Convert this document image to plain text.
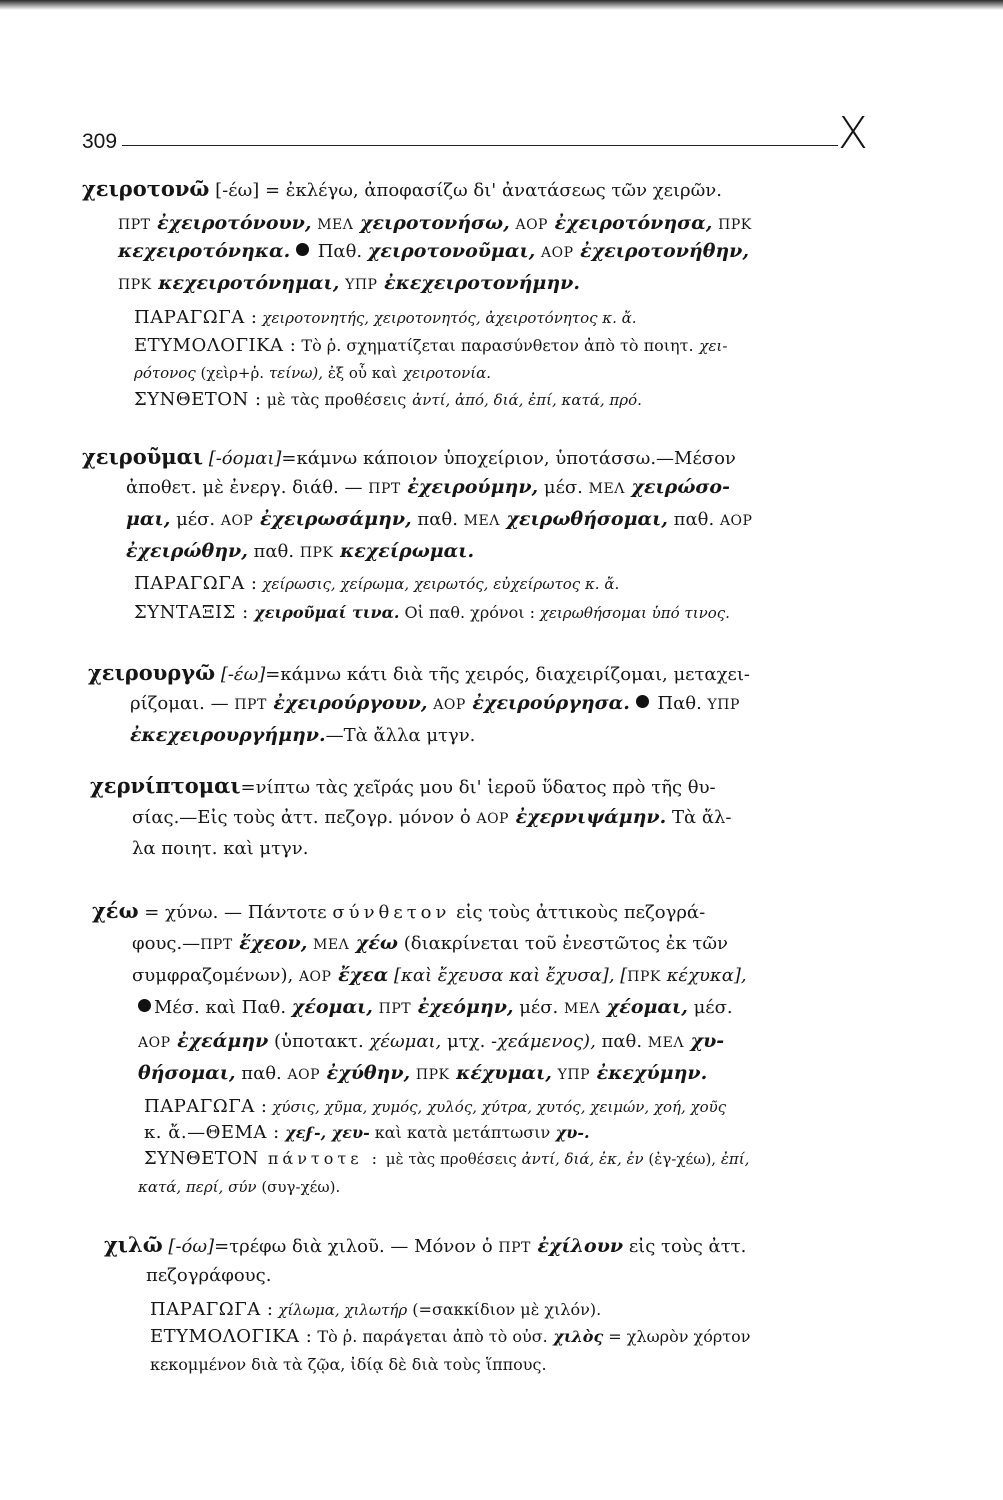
309	Χ
χειροτονῶ [-έω] = ἐκλέγω, ἀποφασίζω δι' ἀνατάσεως τῶν χειρῶν.
ΠΡΤ ἐχειροτόνουν, ΜΕΛ χειροτονήσω, ΑΟΡ ἐχειροτόνησα, ΠΡΚ
κεχειροτόνηκα.  Παθ. χειροτονοῦμαι, ΑΟΡ ἐχειροτονήθην,
ΠΡΚ κεχειροτόνημαι, ΥΠΡ ἐκεχειροτονήμην.
ΠΑΡΑΓΩΓΑ : χειροτονητής, χειροτονητός, ἀχειροτόνητος κ. ἄ.
ΕΤΥΜΟΛΟΓΙΚΑ : Τὸ ῥ. σχηματίζεται παρασύνθετον ἀπὸ τὸ ποιητ. χει-
ρότονος (χεὶρ+ῥ. τείνω), ἐξ οὗ καὶ χειροτονία.
ΣΥΝΘΕΤΟΝ : μὲ τὰς προθέσεις ἀντί, ἀπό, διά, ἐπί, κατά, πρό.
χειροῦμαι [-όομαι]=κάμνω κάποιον ὑποχείριον, ὑποτάσσω.—Μέσον
ἀποθετ. μὲ ἐνεργ. διάθ. — ΠΡΤ ἐχειρούμην, μέσ. ΜΕΛ χειρώσο-
μαι, μέσ. ΑΟΡ ἐχειρωσάμην, παθ. ΜΕΛ χειρωθήσομαι, παθ. ΑΟΡ
ἐχειρώθην, παθ. ΠΡΚ κεχείρωμαι.
ΠΑΡΑΓΩΓΑ : χείρωσις, χείρωμα, χειρωτός, εὐχείρωτος κ. ἄ.
ΣΥΝΤΑΞΙΣ : χειροῦμαί τινα. Οἱ παθ. χρόνοι : χειρωθήσομαι ὑπό τινος.
χειρουργῶ [-έω]=κάμνω κάτι διὰ τῆς χειρός, διαχειρίζομαι, μεταχει-
ρίζομαι. — ΠΡΤ ἐχειρούργουν, ΑΟΡ ἐχειρούργησα.  Παθ. ΥΠΡ
ἐκεχειρουργήμην.—Τὰ ἄλλα μτγν.
χερνίπτομαι=νίπτω τὰς χεῖράς μου δι' ἱεροῦ ὕδατος πρὸ τῆς θυ-
σίας.—Εἰς τοὺς ἀττ. πεζογρ. μόνον ὁ ΑΟΡ ἐχερνιψάμην. Τὰ ἄλ-
λα ποιητ. καὶ μτγν.
χέω = χύνω. — Πάντοτε σύνθετον εἰς τοὺς ἀττικοὺς πεζογρά-
φους.—ΠΡΤ ἔχεον, ΜΕΛ χέω (διακρίνεται τοῦ ἐνεστῶτος ἐκ τῶν
συμφραζομένων), ΑΟΡ ἔχεα [καὶ ἔχευσα καὶ ἔχυσα], [ΠΡΚ κέχυκα],
Μέσ. καὶ Παθ. χέομαι, ΠΡΤ ἐχεόμην, μέσ. ΜΕΛ χέομαι, μέσ.
ΑΟΡ ἐχεάμην (ὑποτακτ. χέωμαι, μτχ. -χεάμενος), παθ. ΜΕΛ χυ-
θήσομαι, παθ. ΑΟΡ ἐχύθην, ΠΡΚ κέχυμαι, ΥΠΡ ἐκεχύμην.
ΠΑΡΑΓΩΓΑ : χύσις, χῦμα, χυμός, χυλός, χύτρα, χυτός, χειμών, χοή, χοῦς
κ. ἄ.—ΘΕΜΑ : χεϝ-, χευ- καὶ κατὰ μετάπτωσιν χυ-.
ΣΥΝΘΕΤΟΝ πάντοτε : μὲ τὰς προθέσεις ἀντί, διά, ἐκ, ἐν (ἐγ-χέω), ἐπί,
κατά, περί, σύν (συγ-χέω).
χιλῶ [-όω]=τρέφω διὰ χιλοῦ. — Μόνον ὁ ΠΡΤ ἐχίλουν εἰς τοὺς ἀττ.
πεζογράφους.
ΠΑΡΑΓΩΓΑ : χίλωμα, χιλωτήρ (=σακκίδιον μὲ χιλόν).
ΕΤΥΜΟΛΟΓΙΚΑ : Τὸ ῥ. παράγεται ἀπὸ τὸ οὐσ. χιλὸς = χλωρὸν χόρτον
κεκομμένον διὰ τὰ ζῷα, ἰδίᾳ δὲ διὰ τοὺς ἵππους.
